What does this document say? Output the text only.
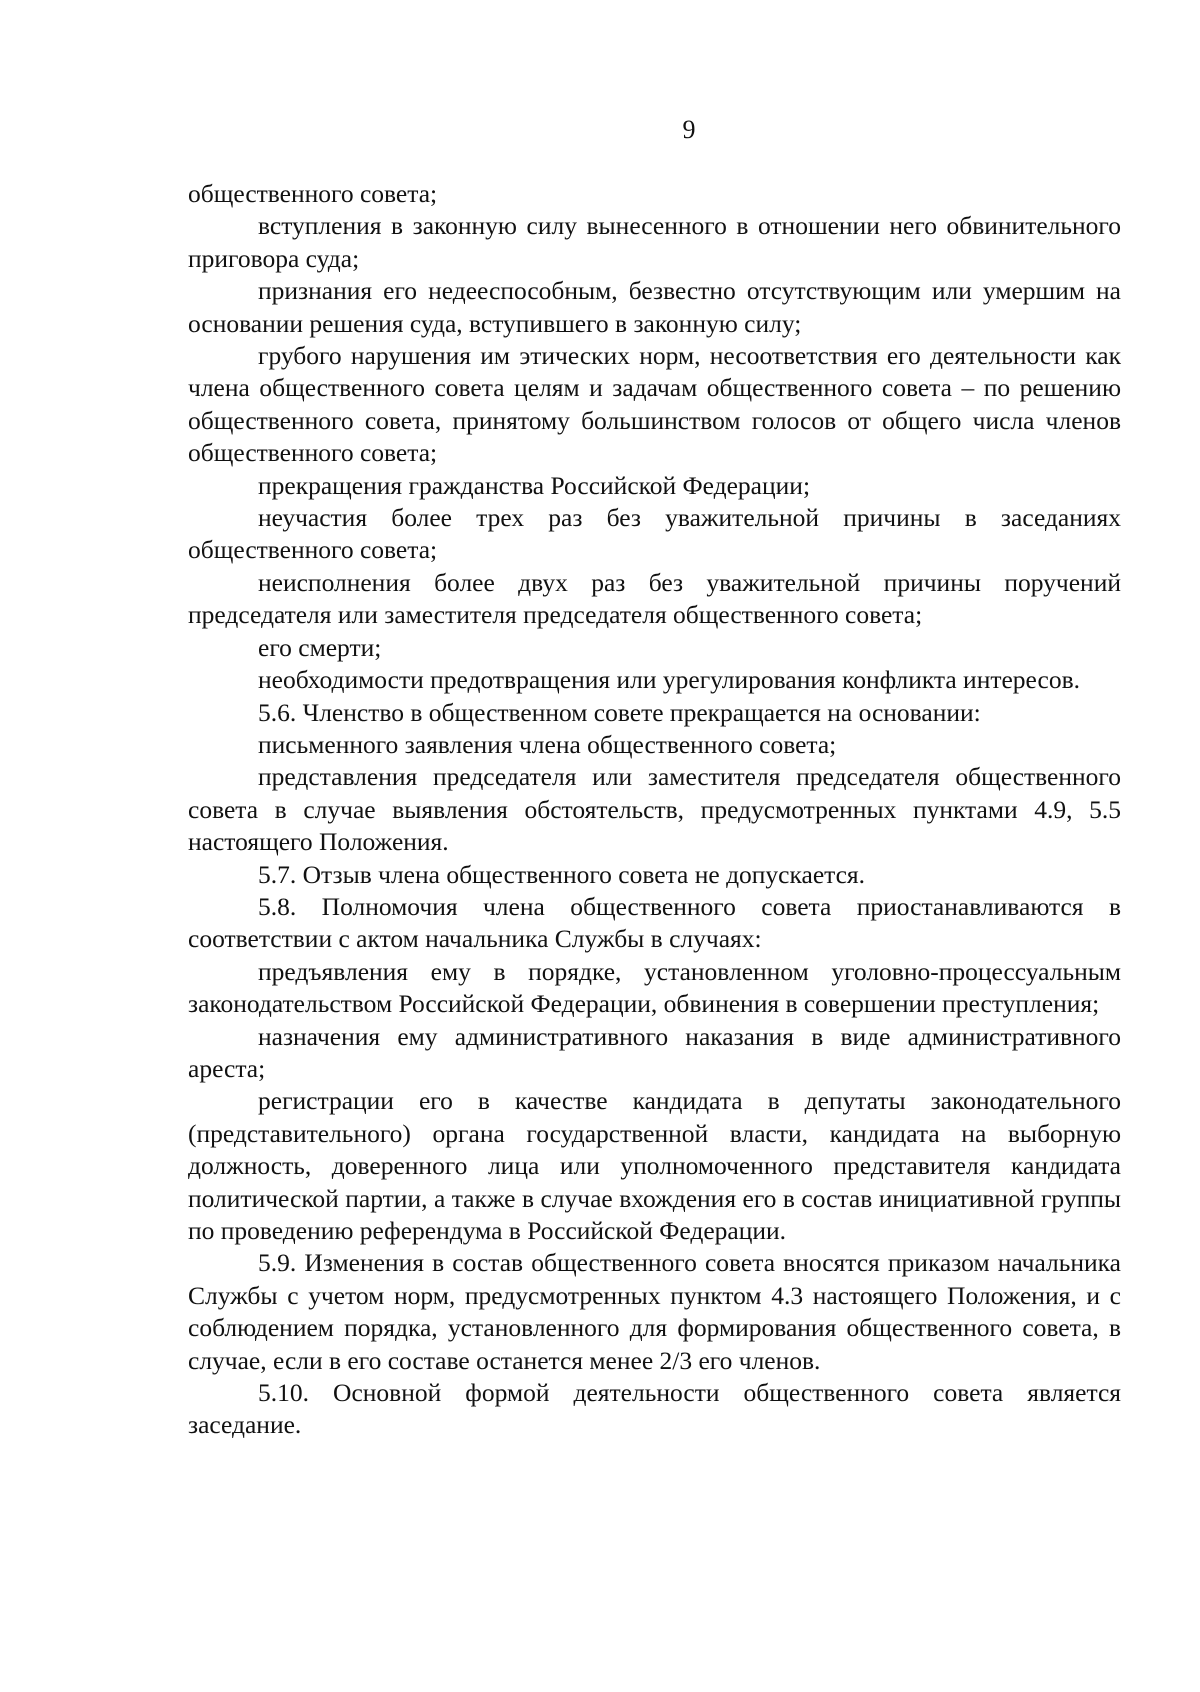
9

общественного совета;

вступления в законную силу вынесенного в отношении него обвинительного приговора суда;

признания его недееспособным, безвестно отсутствующим или умершим на основании решения суда, вступившего в законную силу;

грубого нарушения им этических норм, несоответствия его деятельности как члена общественного совета целям и задачам общественного совета – по решению общественного совета, принятому большинством голосов от общего числа членов общественного совета;

прекращения гражданства Российской Федерации;

неучастия более трех раз без уважительной причины в заседаниях общественного совета;

неисполнения более двух раз без уважительной причины поручений председателя или заместителя председателя общественного совета;

его смерти;

необходимости предотвращения или урегулирования конфликта интересов.

5.6. Членство в общественном совете прекращается на основании:

письменного заявления члена общественного совета;

представления председателя или заместителя председателя общественного совета в случае выявления обстоятельств, предусмотренных пунктами 4.9, 5.5 настоящего Положения.

5.7. Отзыв члена общественного совета не допускается.

5.8. Полномочия члена общественного совета приостанавливаются в соответствии с актом начальника Службы в случаях:

предъявления ему в порядке, установленном уголовно-процессуальным законодательством Российской Федерации, обвинения в совершении преступления;

назначения ему административного наказания в виде административного ареста;

регистрации его в качестве кандидата в депутаты законодательного (представительного) органа государственной власти, кандидата на выборную должность, доверенного лица или уполномоченного представителя кандидата политической партии, а также в случае вхождения его в состав инициативной группы по проведению референдума в Российской Федерации.

5.9. Изменения в состав общественного совета вносятся приказом начальника Службы с учетом норм, предусмотренных пунктом 4.3 настоящего Положения, и с соблюдением порядка, установленного для формирования общественного совета, в случае, если в его составе останется менее 2/3 его членов.

5.10. Основной формой деятельности общественного совета является заседание.
